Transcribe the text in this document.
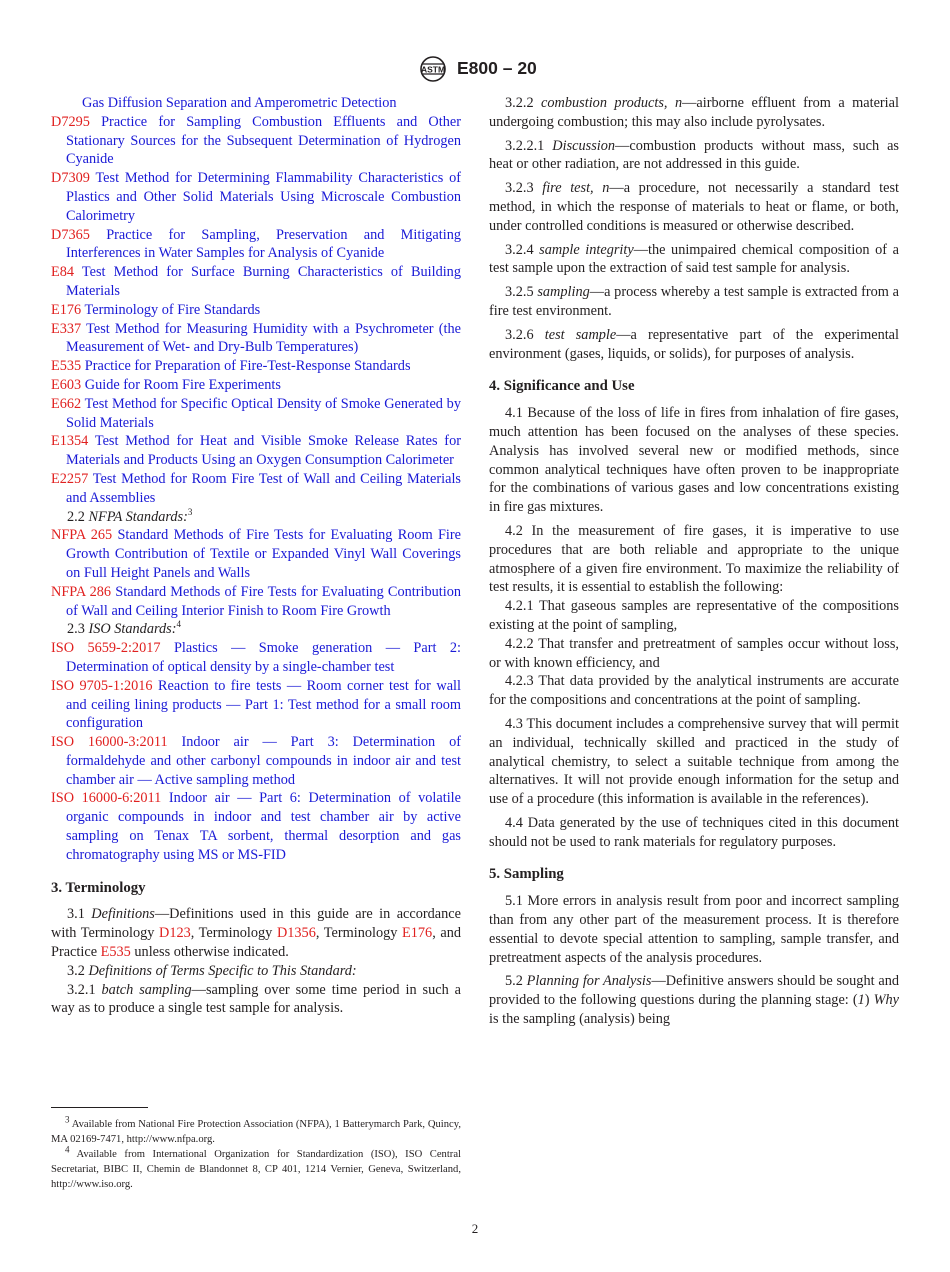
ASTM E800 – 20

Gas Diffusion Separation and Amperometric Detection

D7295 Practice for Sampling Combustion Effluents and Other Stationary Sources for the Subsequent Determination of Hydrogen Cyanide

D7309 Test Method for Determining Flammability Characteristics of Plastics and Other Solid Materials Using Microscale Combustion Calorimetry

D7365 Practice for Sampling, Preservation and Mitigating Interferences in Water Samples for Analysis of Cyanide

E84 Test Method for Surface Burning Characteristics of Building Materials

E176 Terminology of Fire Standards

E337 Test Method for Measuring Humidity with a Psychrometer (the Measurement of Wet- and Dry-Bulb Temperatures)

E535 Practice for Preparation of Fire-Test-Response Standards

E603 Guide for Room Fire Experiments

E662 Test Method for Specific Optical Density of Smoke Generated by Solid Materials

E1354 Test Method for Heat and Visible Smoke Release Rates for Materials and Products Using an Oxygen Consumption Calorimeter

E2257 Test Method for Room Fire Test of Wall and Ceiling Materials and Assemblies

2.2 NFPA Standards:$^3$

NFPA 265 Standard Methods of Fire Tests for Evaluating Room Fire Growth Contribution of Textile or Expanded Vinyl Wall Coverings on Full Height Panels and Walls

NFPA 286 Standard Methods of Fire Tests for Evaluating Contribution of Wall and Ceiling Interior Finish to Room Fire Growth

2.3 ISO Standards:$^4$

ISO 5659-2:2017 Plastics — Smoke generation — Part 2: Determination of optical density by a single-chamber test

ISO 9705-1:2016 Reaction to fire tests — Room corner test for wall and ceiling lining products — Part 1: Test method for a small room configuration

ISO 16000-3:2011 Indoor air — Part 3: Determination of formaldehyde and other carbonyl compounds in indoor air and test chamber air — Active sampling method

ISO 16000-6:2011 Indoor air — Part 6: Determination of volatile organic compounds in indoor and test chamber air by active sampling on Tenax TA sorbent, thermal desorption and gas chromatography using MS or MS-FID

3. Terminology

3.1 Definitions—Definitions used in this guide are in accordance with Terminology D123, Terminology D1356, Terminology E176, and Practice E535 unless otherwise indicated.

3.2 Definitions of Terms Specific to This Standard:

3.2.1 batch sampling—sampling over some time period in such a way as to produce a single test sample for analysis.

$^3$ Available from National Fire Protection Association (NFPA), 1 Batterymarch Park, Quincy, MA 02169-7471, http://www.nfpa.org.

$^4$ Available from International Organization for Standardization (ISO), ISO Central Secretariat, BIBC II, Chemin de Blandonnet 8, CP 401, 1214 Vernier, Geneva, Switzerland, http://www.iso.org.

3.2.2 combustion products, n—airborne effluent from a material undergoing combustion; this may also include pyrolysates.

3.2.2.1 Discussion—combustion products without mass, such as heat or other radiation, are not addressed in this guide.

3.2.3 fire test, n—a procedure, not necessarily a standard test method, in which the response of materials to heat or flame, or both, under controlled conditions is measured or otherwise described.

3.2.4 sample integrity—the unimpaired chemical composition of a test sample upon the extraction of said test sample for analysis.

3.2.5 sampling—a process whereby a test sample is extracted from a fire test environment.

3.2.6 test sample—a representative part of the experimental environment (gases, liquids, or solids), for purposes of analysis.

4. Significance and Use

4.1 Because of the loss of life in fires from inhalation of fire gases, much attention has been focused on the analyses of these species. Analysis has involved several new or modified methods, since common analytical techniques have often proven to be inappropriate for the combinations of various gases and low concentrations existing in fire gas mixtures.

4.2 In the measurement of fire gases, it is imperative to use procedures that are both reliable and appropriate to the unique atmosphere of a given fire environment. To maximize the reliability of test results, it is essential to establish the following:

4.2.1 That gaseous samples are representative of the compositions existing at the point of sampling,

4.2.2 That transfer and pretreatment of samples occur without loss, or with known efficiency, and

4.2.3 That data provided by the analytical instruments are accurate for the compositions and concentrations at the point of sampling.

4.3 This document includes a comprehensive survey that will permit an individual, technically skilled and practiced in the study of analytical chemistry, to select a suitable technique from among the alternatives. It will not provide enough information for the setup and use of a procedure (this information is available in the references).

4.4 Data generated by the use of techniques cited in this document should not be used to rank materials for regulatory purposes.

5. Sampling

5.1 More errors in analysis result from poor and incorrect sampling than from any other part of the measurement process. It is therefore essential to devote special attention to sampling, sample transfer, and pretreatment aspects of the analysis procedures.

5.2 Planning for Analysis—Definitive answers should be sought and provided to the following questions during the planning stage: (1) Why is the sampling (analysis) being

2
